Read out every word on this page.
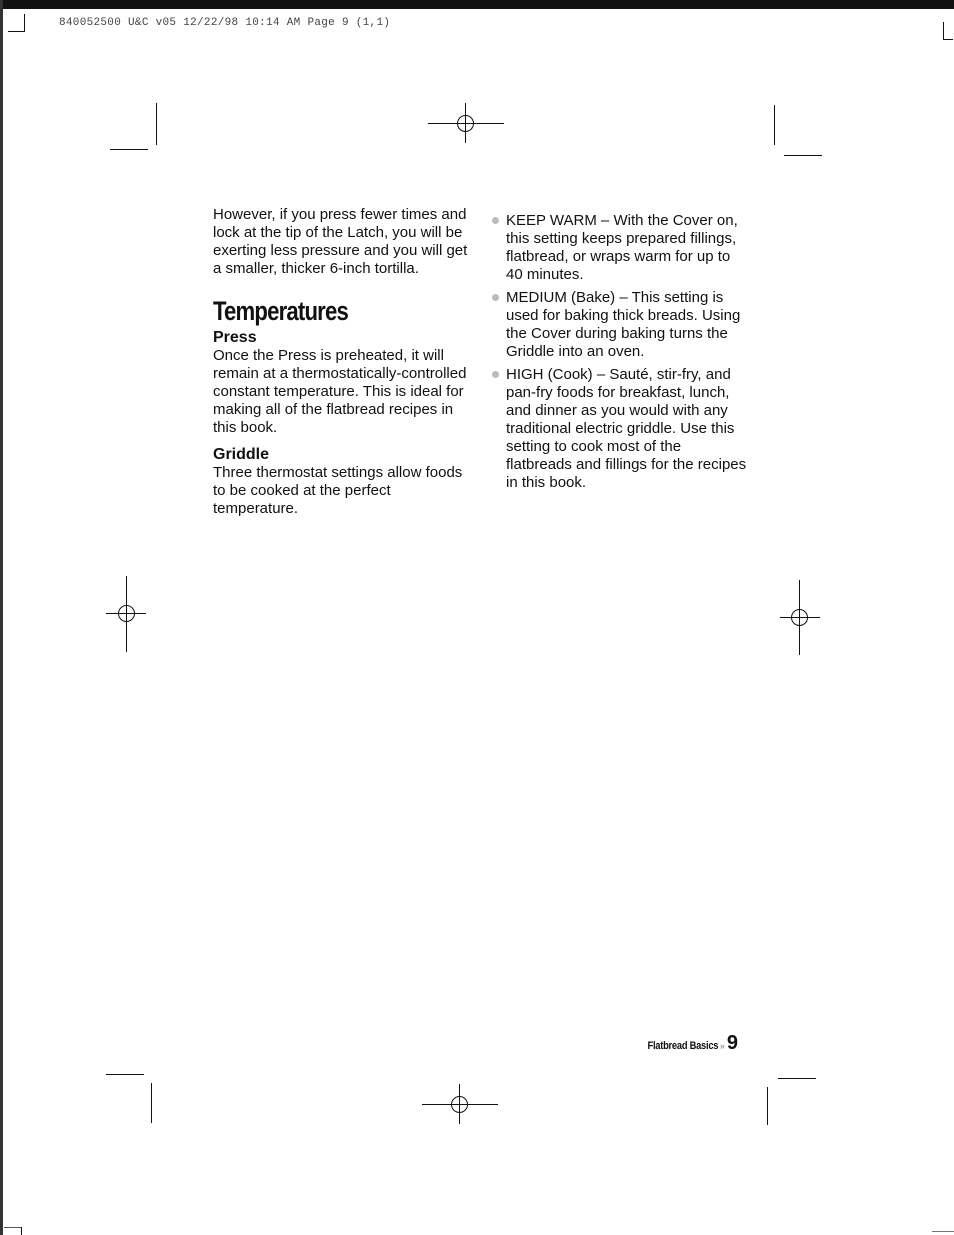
840052500 U&C v05 12/22/98 10:14 AM Page 9 (1,1)

However, if you press fewer times and lock at the tip of the Latch, you will be exerting less pressure and you will get a smaller, thicker 6-inch tortilla.

Temperatures
Press

Once the Press is preheated, it will remain at a thermostatically-controlled constant temperature. This is ideal for making all of the flatbread recipes in this book.

Griddle

Three thermostat settings allow foods to be cooked at the perfect temperature.

KEEP WARM – With the Cover on, this setting keeps prepared fillings, flatbread, or wraps warm for up to 40 minutes.

MEDIUM (Bake) – This setting is used for baking thick breads. Using the Cover during baking turns the Griddle into an oven.

HIGH (Cook) – Sauté, stir-fry, and pan-fry foods for breakfast, lunch, and dinner as you would with any traditional electric griddle. Use this setting to cook most of the flatbreads and fillings for the recipes in this book.

Flatbread Basics » 9
